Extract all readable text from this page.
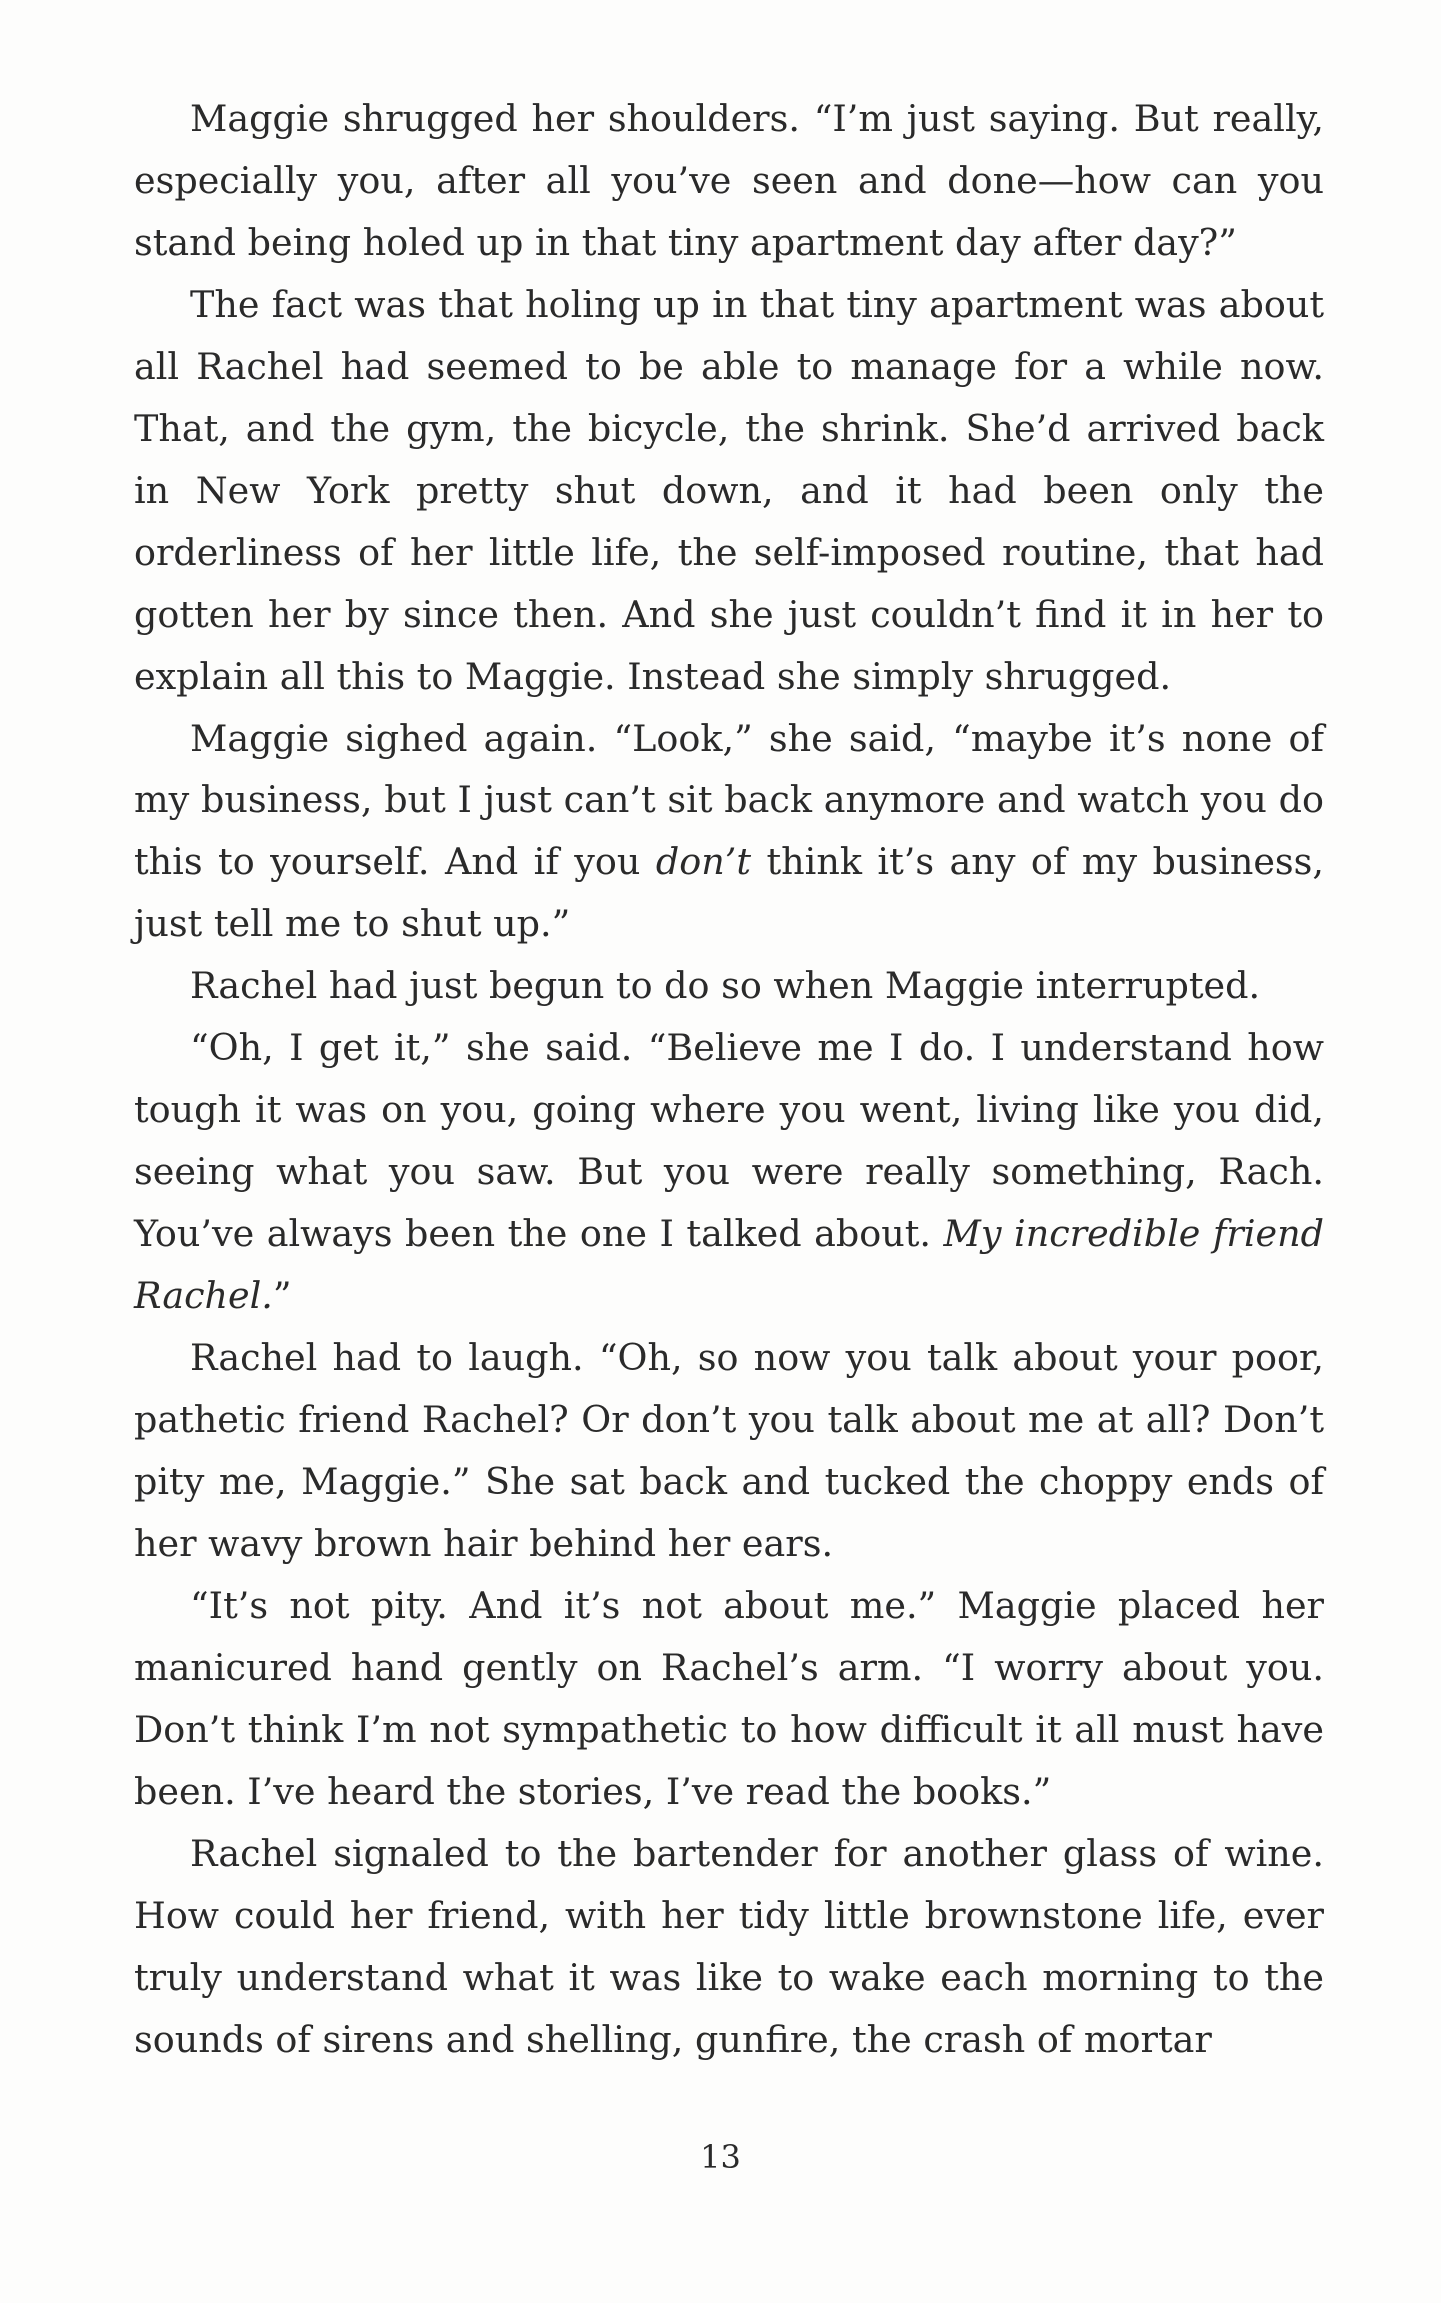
Maggie shrugged her shoulders. “I’m just saying. But really, especially you, after all you’ve seen and done—how can you stand being holed up in that tiny apartment day after day?”

The fact was that holing up in that tiny apartment was about all Rachel had seemed to be able to manage for a while now. That, and the gym, the bicycle, the shrink. She’d arrived back in New York pretty shut down, and it had been only the orderliness of her little life, the self-imposed routine, that had gotten her by since then. And she just couldn’t find it in her to explain all this to Maggie. Instead she simply shrugged.

Maggie sighed again. “Look,” she said, “maybe it’s none of my business, but I just can’t sit back anymore and watch you do this to yourself. And if you don’t think it’s any of my business, just tell me to shut up.”

Rachel had just begun to do so when Maggie interrupted.

“Oh, I get it,” she said. “Believe me I do. I understand how tough it was on you, going where you went, living like you did, seeing what you saw. But you were really something, Rach. You’ve always been the one I talked about. My incredible friend Rachel.”

Rachel had to laugh. “Oh, so now you talk about your poor, pathetic friend Rachel? Or don’t you talk about me at all? Don’t pity me, Maggie.” She sat back and tucked the choppy ends of her wavy brown hair behind her ears.

“It’s not pity. And it’s not about me.” Maggie placed her manicured hand gently on Rachel’s arm. “I worry about you. Don’t think I’m not sympathetic to how difficult it all must have been. I’ve heard the stories, I’ve read the books.”

Rachel signaled to the bartender for another glass of wine. How could her friend, with her tidy little brownstone life, ever truly understand what it was like to wake each morning to the sounds of sirens and shelling, gunfire, the crash of mortar

13
